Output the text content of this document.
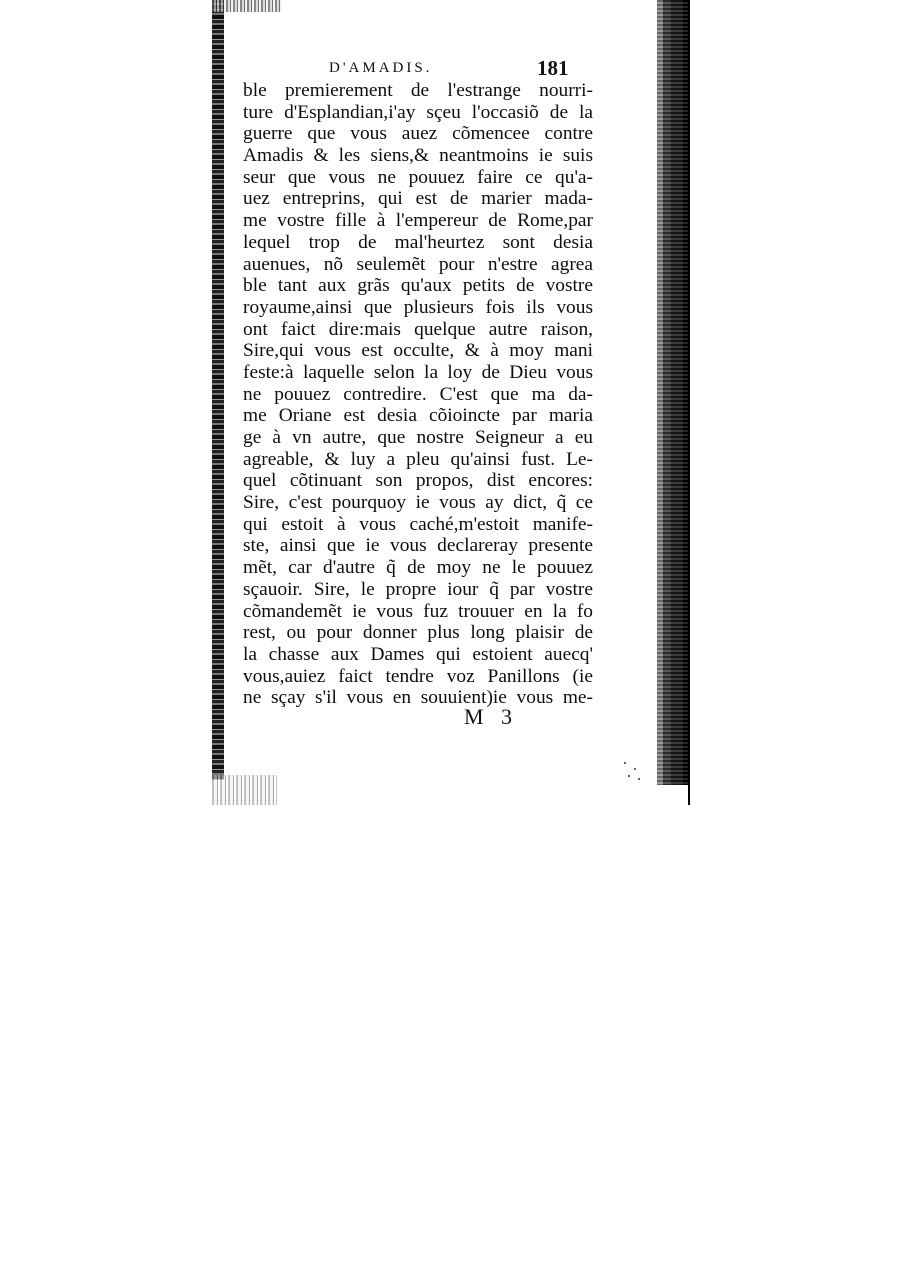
D'AMADIS.	181
ble premierement de l'estrange nourri-
ture d'Esplandian,i'ay sçeu l'occasiõ de la
guerre que vous auez cõmencee contre
Amadis & les siens,& neantmoins ie suis
seur que vous ne pouuez faire ce qu'a-
uez entreprins, qui est de marier mada-
me vostre fille à l'empereur de Rome,par
lequel trop de mal'heurtez sont desia
auenues, nõ seulemẽt pour n'estre agrea
ble tant aux grãs qu'aux petits de vostre
royaume,ainsi que plusieurs fois ils vous
ont faict dire:mais quelque autre raison,
Sire,qui vous est occulte, & à moy mani
feste:à laquelle selon la loy de Dieu vous
ne pouuez contredire. C'est que ma da-
me Oriane est desia cõioincte par maria
ge à vn autre, que nostre Seigneur a eu
agreable, & luy a pleu qu'ainsi fust. Le-
quel cõtinuant son propos, dist encores:
Sire, c'est pourquoy ie vous ay dict, q̃ ce
qui estoit à vous caché,m'estoit manife-
ste, ainsi que ie vous declareray presente
mẽt, car d'autre q̃ de moy ne le pouuez
sçauoir. Sire, le propre iour q̃ par vostre
cõmandemẽt ie vous fuz trouuer en la fo
rest, ou pour donner plus long plaisir de
la chasse aux Dames qui estoient auecq'
vous,auiez faict tendre voz Panillons (ie
ne sçay s'il vous en souuient)ie vous me-
M 3
